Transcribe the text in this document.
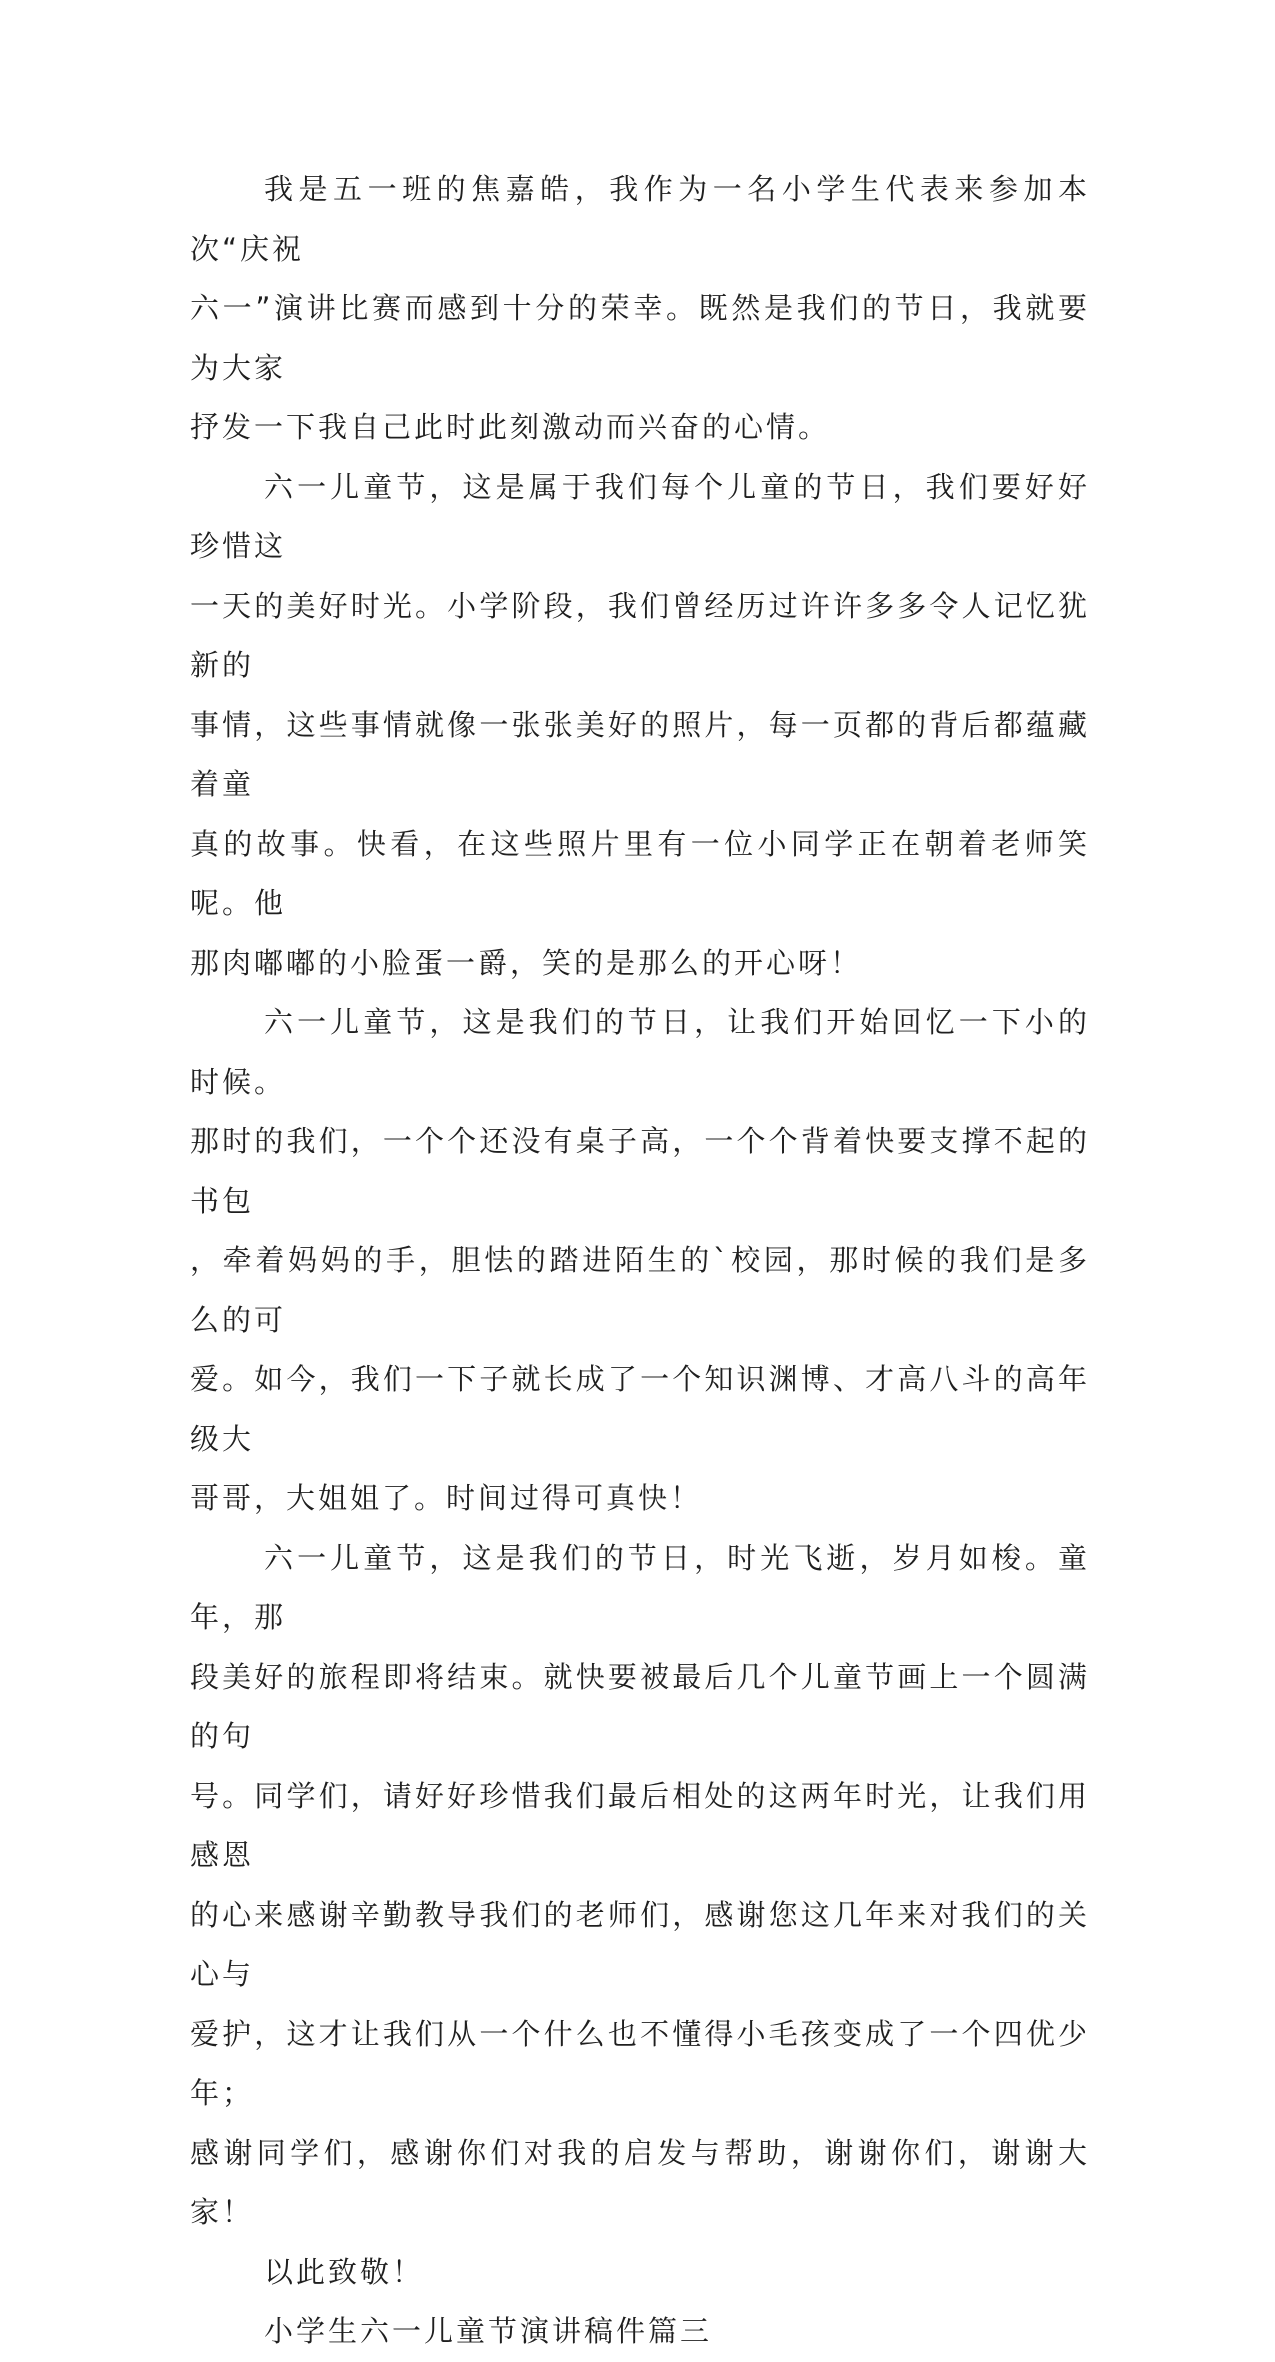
我是五一班的焦嘉皓，我作为一名小学生代表来参加本次“庆祝
六一”演讲比赛而感到十分的荣幸。既然是我们的节日，我就要为大家
抒发一下我自己此时此刻激动而兴奋的心情。

六一儿童节，这是属于我们每个儿童的节日，我们要好好珍惜这
一天的美好时光。小学阶段，我们曾经历过许许多多令人记忆犹新的
事情，这些事情就像一张张美好的照片，每一页都的背后都蕴藏着童
真的故事。快看，在这些照片里有一位小同学正在朝着老师笑呢。他
那肉嘟嘟的小脸蛋一爵，笑的是那么的开心呀！

六一儿童节，这是我们的节日，让我们开始回忆一下小的时候。
那时的我们，一个个还没有桌子高，一个个背着快要支撑不起的书包
，牵着妈妈的手，胆怯的踏进陌生的`校园，那时候的我们是多么的可
爱。如今，我们一下子就长成了一个知识渊博、才高八斗的高年级大
哥哥，大姐姐了。时间过得可真快！

六一儿童节，这是我们的节日，时光飞逝，岁月如梭。童年，那
段美好的旅程即将结束。就快要被最后几个儿童节画上一个圆满的句
号。同学们，请好好珍惜我们最后相处的这两年时光，让我们用感恩
的心来感谢辛勤教导我们的老师们，感谢您这几年来对我们的关心与
爱护，这才让我们从一个什么也不懂得小毛孩变成了一个四优少年；
感谢同学们，感谢你们对我的启发与帮助，谢谢你们，谢谢大家！

以此致敬！

小学生六一儿童节演讲稿件篇三
